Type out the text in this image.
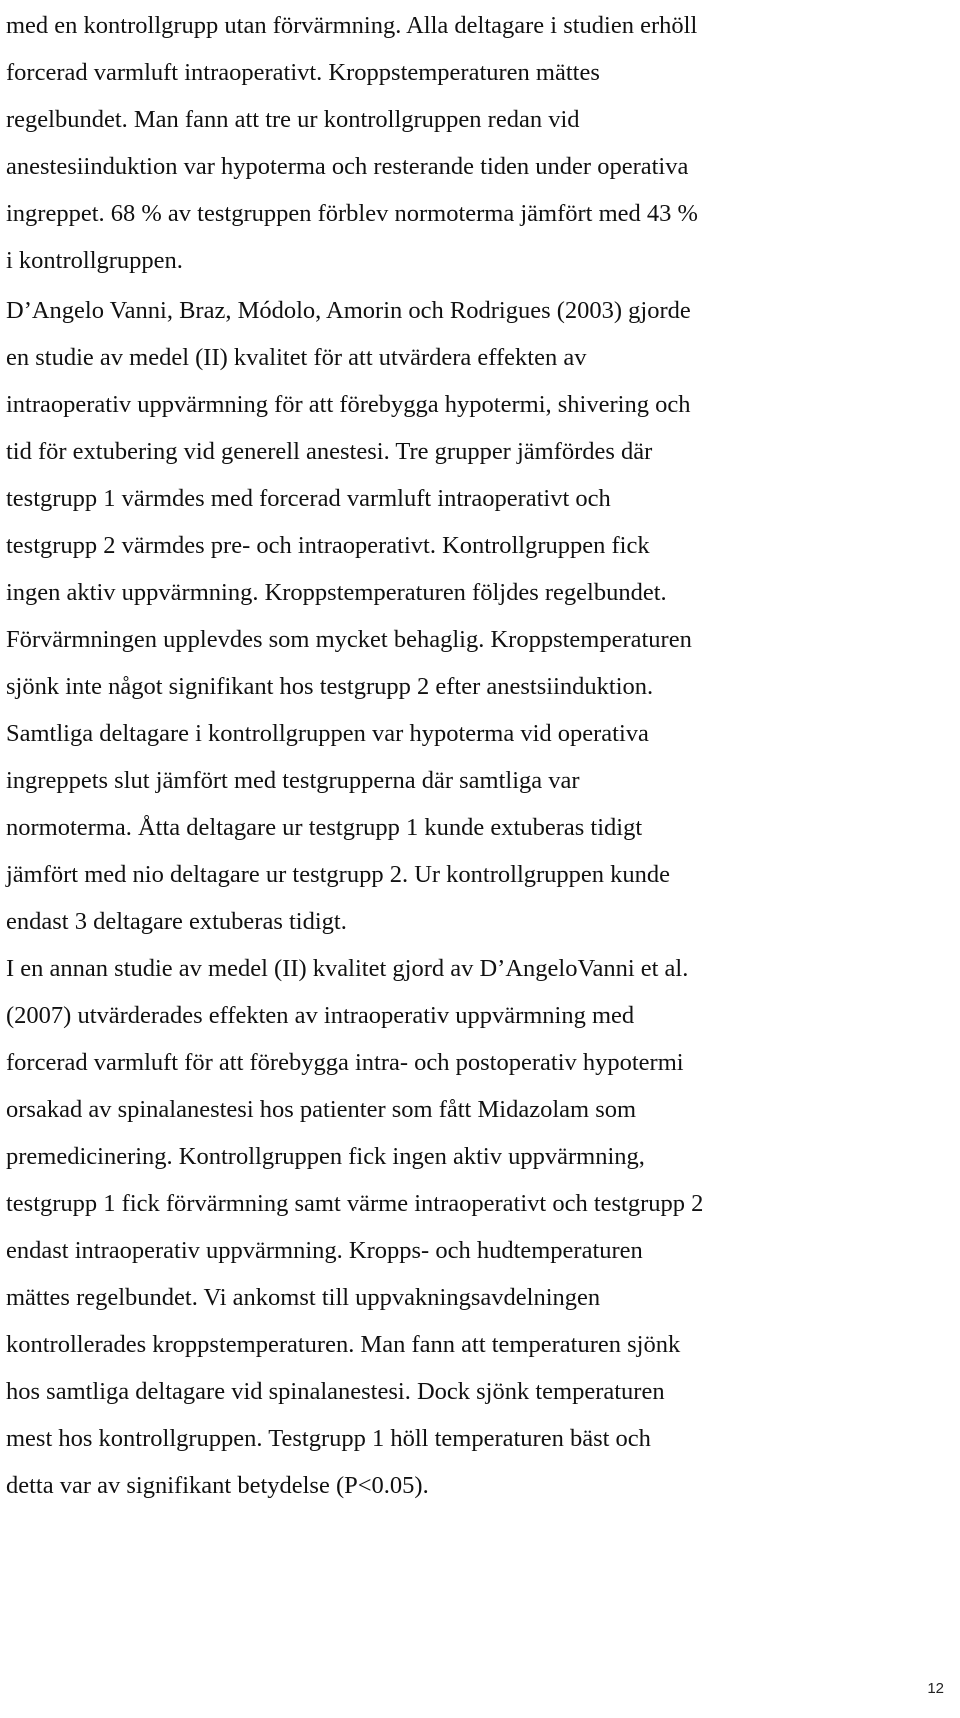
med en kontrollgrupp utan förvärmning. Alla deltagare i studien erhöll
forcerad varmluft intraoperativt. Kroppstemperaturen mättes
regelbundet. Man fann att tre ur kontrollgruppen redan vid
anestesiinduktion var hypoterma och resterande tiden under operativa
ingreppet. 68 % av testgruppen förblev normoterma jämfört med 43 %
i kontrollgruppen.

D’Angelo Vanni, Braz, Módolo, Amorin och Rodrigues (2003) gjorde
en studie av medel (II) kvalitet för att utvärdera effekten av
intraoperativ uppvärmning för att förebygga hypotermi, shivering och
tid för extubering vid generell anestesi. Tre grupper jämfördes där
testgrupp 1 värmdes med forcerad varmluft intraoperativt och
testgrupp 2 värmdes pre- och intraoperativt. Kontrollgruppen fick
ingen aktiv uppvärmning. Kroppstemperaturen följdes regelbundet.
Förvärmningen upplevdes som mycket behaglig. Kroppstemperaturen
sjönk inte något signifikant hos testgrupp 2 efter anestsiinduktion.
Samtliga deltagare i kontrollgruppen var hypoterma vid operativa
ingreppets slut jämfört med testgrupperna där samtliga var
normoterma. Åtta deltagare ur testgrupp 1 kunde extuberas tidigt
jämfört med nio deltagare ur testgrupp 2. Ur kontrollgruppen kunde
endast 3 deltagare extuberas tidigt.

I en annan studie av medel (II) kvalitet gjord av D’AngeloVanni et al.
(2007) utvärderades effekten av intraoperativ uppvärmning med
forcerad varmluft för att förebygga intra- och postoperativ hypotermi
orsakad av spinalanestesi hos patienter som fått Midazolam som
premedicinering. Kontrollgruppen fick ingen aktiv uppvärmning,
testgrupp 1 fick förvärmning samt värme intraoperativt och testgrupp 2
endast intraoperativ uppvärmning. Kropps- och hudtemperaturen
mättes regelbundet. Vi ankomst till uppvakningsavdelningen
kontrollerades kroppstemperaturen. Man fann att temperaturen sjönk
hos samtliga deltagare vid spinalanestesi. Dock sjönk temperaturen
mest hos kontrollgruppen. Testgrupp 1 höll temperaturen bäst och
detta var av signifikant betydelse (P<0.05).

12
